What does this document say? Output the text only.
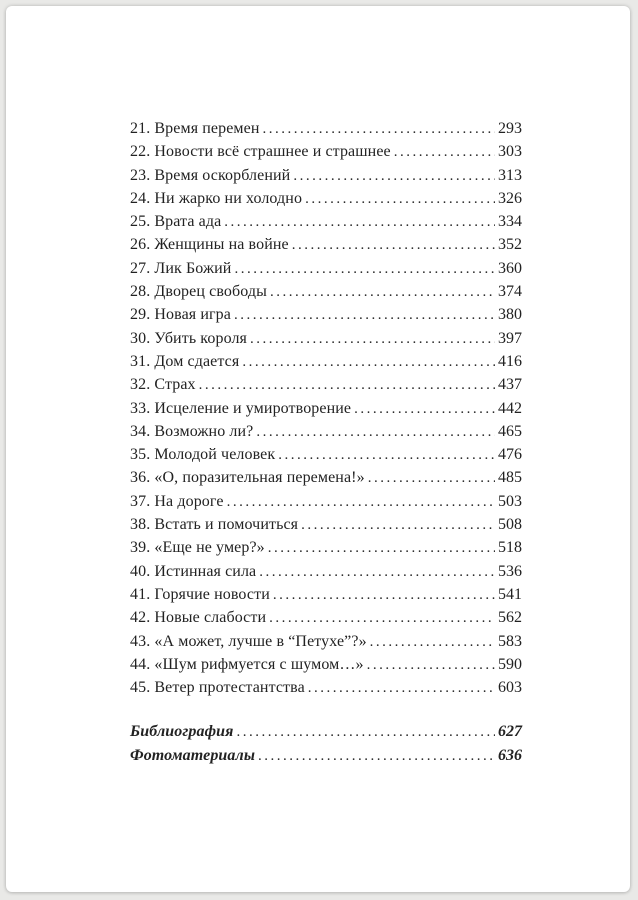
21. Время перемен .....	293
22. Новости всё страшнее и страшнее .....	303
23. Время оскорблений .....	313
24. Ни жарко ни холодно .....	326
25. Врата ада .....	334
26. Женщины на войне .....	352
27. Лик Божий .....	360
28. Дворец свободы .....	374
29. Новая игра .....	380
30. Убить короля .....	397
31. Дом сдается .....	416
32. Страх .....	437
33. Исцеление и умиротворение .....	442
34. Возможно ли? .....	465
35. Молодой человек .....	476
36. «О, поразительная перемена!» .....	485
37. На дороге .....	503
38. Встать и помочиться .....	508
39. «Еще не умер?» .....	518
40. Истинная сила .....	536
41. Горячие новости .....	541
42. Новые слабости .....	562
43. «А может, лучше в “Петухе”?» .....	583
44. «Шум рифмуется с шумом…» .....	590
45. Ветер протестантства .....	603
Библиография .....	627
Фотоматериалы .....	636
